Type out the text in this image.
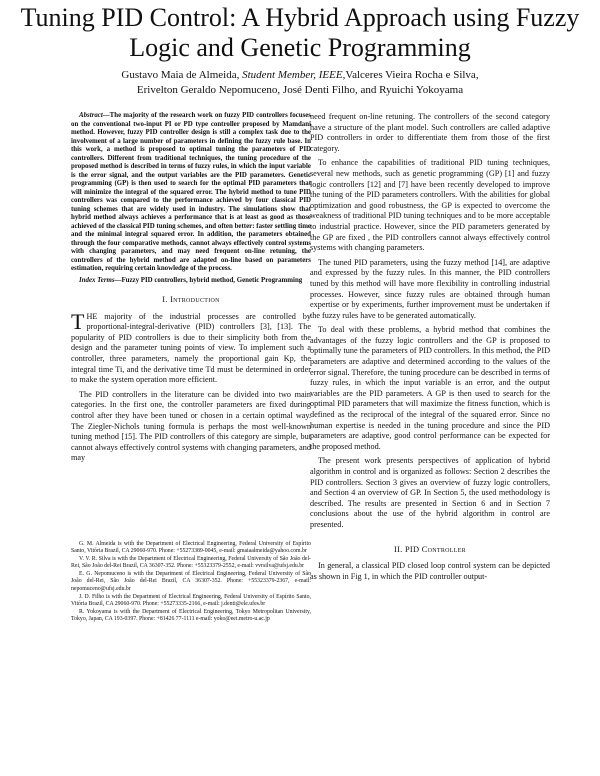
Tuning PID Control: A Hybrid Approach using Fuzzy Logic and Genetic Programming
Gustavo Maia de Almeida, Student Member, IEEE,Valceres Vieira Rocha e Silva,
Erivelton Geraldo Nepomuceno, José Denti Filho, and Ryuichi Yokoyama

Abstract—The majority of the research work on fuzzy PID controllers focuses on the conventional two-input PI or PD type controller proposed by Mamdani method. However, fuzzy PID controller design is still a complex task due to the involvement of a large number of parameters in defining the fuzzy rule base. In this work, a method is proposed to optimal tuning the parameters of PID controllers. Different from traditional techniques, the tuning procedure of the proposed method is described in terms of fuzzy rules, in which the input variable is the error signal, and the output variables are the PID parameters. Genetic programming (GP) is then used to search for the optimal PID parameters that will minimize the integral of the squared error. The hybrid method to tune PID controllers was compared to the performance achieved by four classical PID tuning schemes that are widely used in industry. The simulations show that hybrid method always achieves a performance that is at least as good as those achieved of the classical PID tuning schemes, and often better: faster settling time and the minimal integral squared error. In addition, the parameters obtained through the four comparative methods, cannot always effectively control systems with changing parameters, and may need frequent on-line retuning, the controllers of the hybrid method are adapted on-line based on parameters estimation, requiring certain knowledge of the process.

Index Terms—Fuzzy PID controllers, hybrid method, Genetic Programming

I. Introduction

THE majority of the industrial processes are controlled by proportional-integral-derivative (PID) controllers [3], [13]. The popularity of PID controllers is due to their simplicity both from the design and the parameter tuning points of view. To implement such a controller, three parameters, namely the proportional gain Kp, the integral time Ti, and the derivative time Td must be determined in order to make the system operation more efficient.

The PID controllers in the literature can be divided into two main categories. In the first one, the controller parameters are fixed during control after they have been tuned or chosen in a certain optimal way. The Ziegler-Nichols tuning formula is perhaps the most well-known tuning method [15]. The PID controllers of this category are simple, but cannot always effectively control systems with changing parameters, and may

G. M. Almeida is with the Department of Electrical Engineering, Federal University of Espírito Santo, Vitória Brazil, CA 29060-970. Phone: +55273389-0045, e-mail: gmaiaalmeida@yahoo.com.br

V. V. R. Silva is with the Department of Electrical Engineering, Federal University of São João del-Rei, São João del-Rei Brazil, CA 36307-352. Phone: +55323379-2552, e-mail: vvrsilva@ufsj.edu.br

E. G. Nepomuceno is with the Department of Electrical Engineering, Federal University of São João del-Rei, São João del-Rei Brazil, CA 36307-352. Phone: +55323379-2367, e-mail: nepomuceno@ufsj.edu.br

J. D. Filho is with the Department of Electrical Engineering, Federal University of Espírito Santo, Vitória Brazil, CA 29060-970. Phone: +55273335-2166, e-mail: j.denti@ele.ufes.br

R. Yokoyama is with the Department of Electrical Engineering, Tokyo Metropolitan University, Tokyo, Japan, CA 193-0397. Phone: +81426 77-1111 e-mail: yoko@eei.metro-u.ac.jp

need frequent on-line retuning. The controllers of the second category have a structure of the plant model. Such controllers are called adaptive PID controllers in order to differentiate them from those of the first category.

To enhance the capabilities of traditional PID tuning techniques, several new methods, such as genetic programming (GP) [1] and fuzzy logic controllers [12] and [7] have been recently developed to improve the tuning of the PID parameters controllers. With the abilities for global optimization and good robustness, the GP is expected to overcome the weakness of traditional PID tuning techniques and to be more acceptable to industrial practice. However, since the PID parameters generated by the GP are fixed , the PID controllers cannot always effectively control systems with changing parameters.

The tuned PID parameters, using the fuzzy method [14], are adaptive and expressed by the fuzzy rules. In this manner, the PID controllers tuned by this method will have more flexibility in controlling industrial processes. However, since fuzzy rules are obtained through human expertise or by experiments, further improvement must be undertaken if the fuzzy rules have to be generated automatically.

To deal with these problems, a hybrid method that combines the advantages of the fuzzy logic controllers and the GP is proposed to optimally tune the parameters of PID controllers. In this method, the PID parameters are adaptive and determined according to the values of the error signal. Therefore, the tuning procedure can be described in terms of fuzzy rules, in which the input variable is an error, and the output variables are the PID parameters. A GP is then used to search for the optimal PID parameters that will maximize the fitness function, which is defined as the reciprocal of the integral of the squared error. Since no human expertise is needed in the tuning procedure and since the PID parameters are adaptive, good control performance can be expected for the proposed method.

The present work presents perspectives of application of hybrid algorithm in control and is organized as follows: Section 2 describes the PID controllers. Section 3 gives an overview of fuzzy logic controllers, and Section 4 an overview of GP. In Section 5, the used methodology is described. The results are presented in Section 6 and in Section 7 conclusions about the use of the hybrid algorithm in control are presented.

II. PID Controller

In general, a classical PID closed loop control system can be depicted as shown in Fig 1, in which the PID controller output-
